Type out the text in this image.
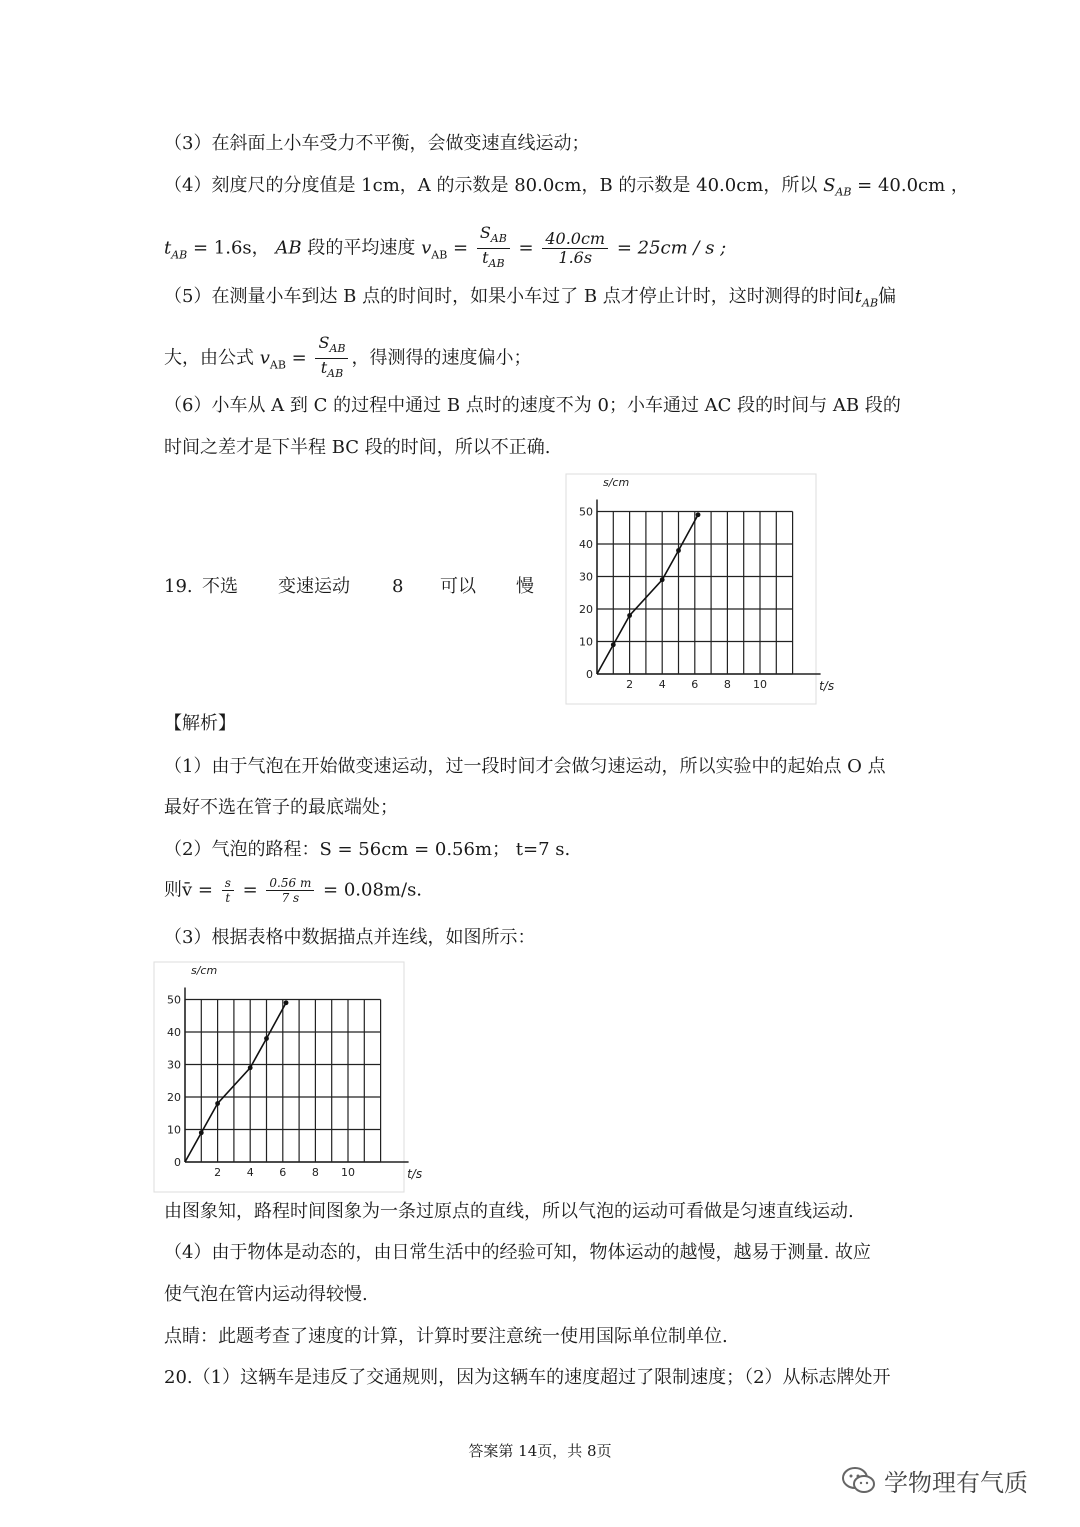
（3）在斜面上小车受力不平衡，会做变速直线运动；
（4）刻度尺的分度值是 1cm，A 的示数是 80.0cm，B 的示数是 40.0cm，所以 $S_{AB} = 40.0cm$ ，
$t_{AB} = 1.6s$， AB 段的平均速度 $v_{AB} = \frac{S_{AB}}{t_{AB}} = \frac{40.0cm}{1.6s} = 25cm / s$ ;
（5）在测量小车到达 B 点的时间时，如果小车过了 B 点才停止计时，这时测得的时间$t_{AB}$偏
大，由公式 $v_{AB} = \frac{S_{AB}}{t_{AB}}$ ，得测得的速度偏小；
（6）小车从 A 到 C 的过程中通过 B 点时的速度不为 0；小车通过 AC 段的时间与 AB 段的
时间之差才是下半程 BC 段的时间，所以不正确.
19. 不选 变速运动 8 可以 慢
0
10
20
30
40
50
2 4 6 8 10	t/s
s/cm
【解析】
（1）由于气泡在开始做变速运动，过一段时间才会做匀速运动，所以实验中的起始点 O 点
最好不选在管子的最底端处；
（2）气泡的路程：S = 56cm = 0.56m； t=7 s.
则v̄ = $\frac{s}{t} = \frac{0.56 m}{7 s} = 0.08m/s$.
（3）根据表格中数据描点并连线，如图所示：
0
10
20
30
40
50
2 4 6 8 10	t/s
s/cm
由图象知，路程时间图象为一条过原点的直线，所以气泡的运动可看做是匀速直线运动.
（4）由于物体是动态的，由日常生活中的经验可知，物体运动的越慢，越易于测量. 故应
使气泡在管内运动得较慢.
点睛：此题考查了速度的计算，计算时要注意统一使用国际单位制单位.
20.（1）这辆车是违反了交通规则，因为这辆车的速度超过了限制速度；（2）从标志牌处开
答案第 14页，共 8页
学物理有气质
